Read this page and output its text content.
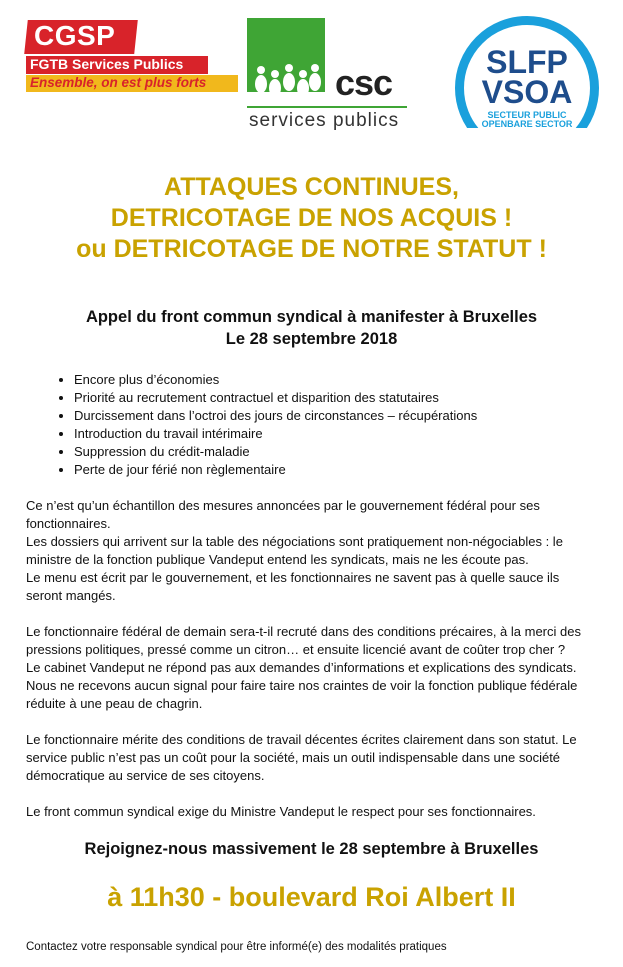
CGSP
FGTB Services Publics
Ensemble, on est plus forts	csc
services publics
SLFP
VSOA
SECTEUR PUBLIC
OPENBARE SECTOR
ATTAQUES CONTINUES,
DETRICOTAGE DE NOS ACQUIS !
ou DETRICOTAGE DE NOTRE STATUT !
Appel du front commun syndical à manifester à Bruxelles
Le 28 septembre 2018
• Encore plus d’économies
• Priorité au recrutement contractuel et disparition des statutaires
• Durcissement dans l’octroi des jours de circonstances – récupérations
• Introduction du travail intérimaire
• Suppression du crédit-maladie
• Perte de jour férié non règlementaire

Ce n’est qu’un échantillon des mesures annoncées par le gouvernement fédéral pour ses fonctionnaires.
Les dossiers qui arrivent sur la table des négociations sont pratiquement non-négociables : le ministre de la fonction publique Vandeput entend les syndicats, mais ne les écoute pas.
Le menu est écrit par le gouvernement, et les fonctionnaires ne savent pas à quelle sauce ils seront mangés.

Le fonctionnaire fédéral de demain sera-t-il recruté dans des conditions précaires, à la merci des pressions politiques, pressé comme un citron… et ensuite licencié avant de coûter trop cher ?
Le cabinet Vandeput ne répond pas aux demandes d’informations et explications des syndicats.
Nous ne recevons aucun signal pour faire taire nos craintes de voir la fonction publique fédérale réduite à une peau de chagrin.

Le fonctionnaire mérite des conditions de travail décentes écrites clairement dans son statut. Le service public n’est pas un coût pour la société, mais un outil indispensable dans une société démocratique au service de ses citoyens.

Le front commun syndical exige du Ministre Vandeput le respect pour ses fonctionnaires.

Rejoignez-nous massivement le 28 septembre à Bruxelles
à 11h30 - boulevard Roi Albert II
Contactez votre responsable syndical pour être informé(e) des modalités pratiques
